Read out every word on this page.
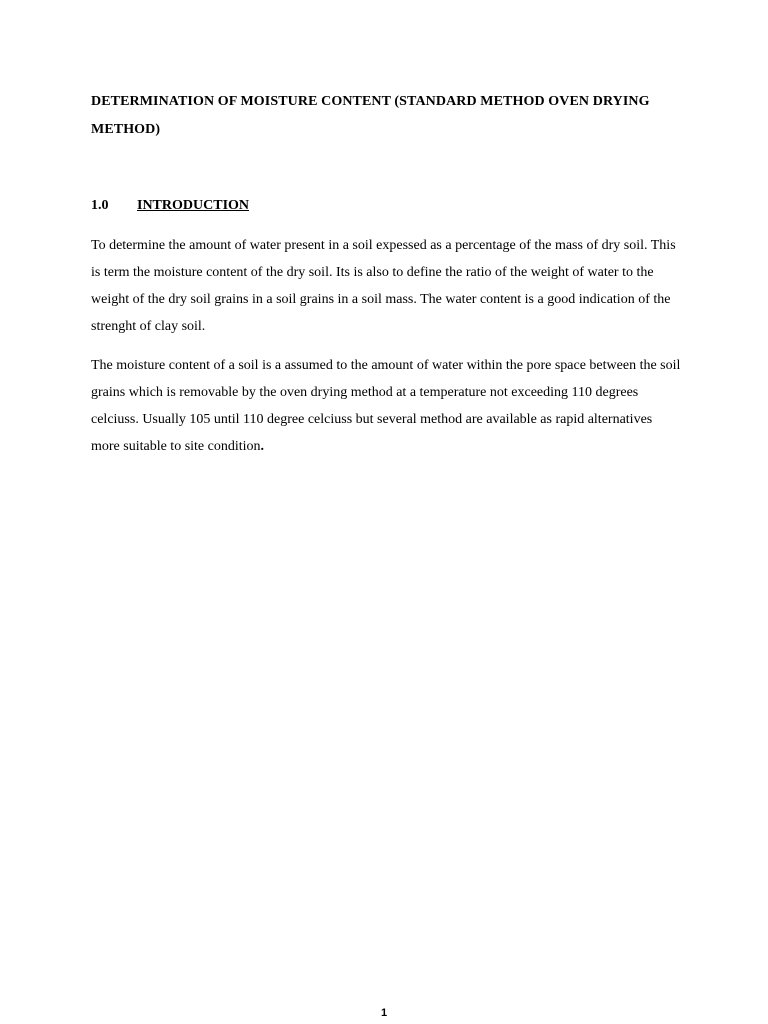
DETERMINATION OF MOISTURE CONTENT (STANDARD METHOD OVEN DRYING METHOD)
1.0 INTRODUCTION

To determine the amount of water present in a soil expessed as a percentage of the mass of dry soil. This is term the moisture content of the dry soil. Its is also to define the ratio of the weight of water to the weight of the dry soil grains in a soil grains in a soil mass. The water content is a good indication of the strenght of clay soil.

The moisture content of a soil is a assumed to the amount of water within the pore space between the soil grains which is removable by the oven drying method at a temperature not exceeding 110 degrees celciuss. Usually 105 until 110 degree celciuss but several method are available as rapid alternatives more suitable to site condition.

1
